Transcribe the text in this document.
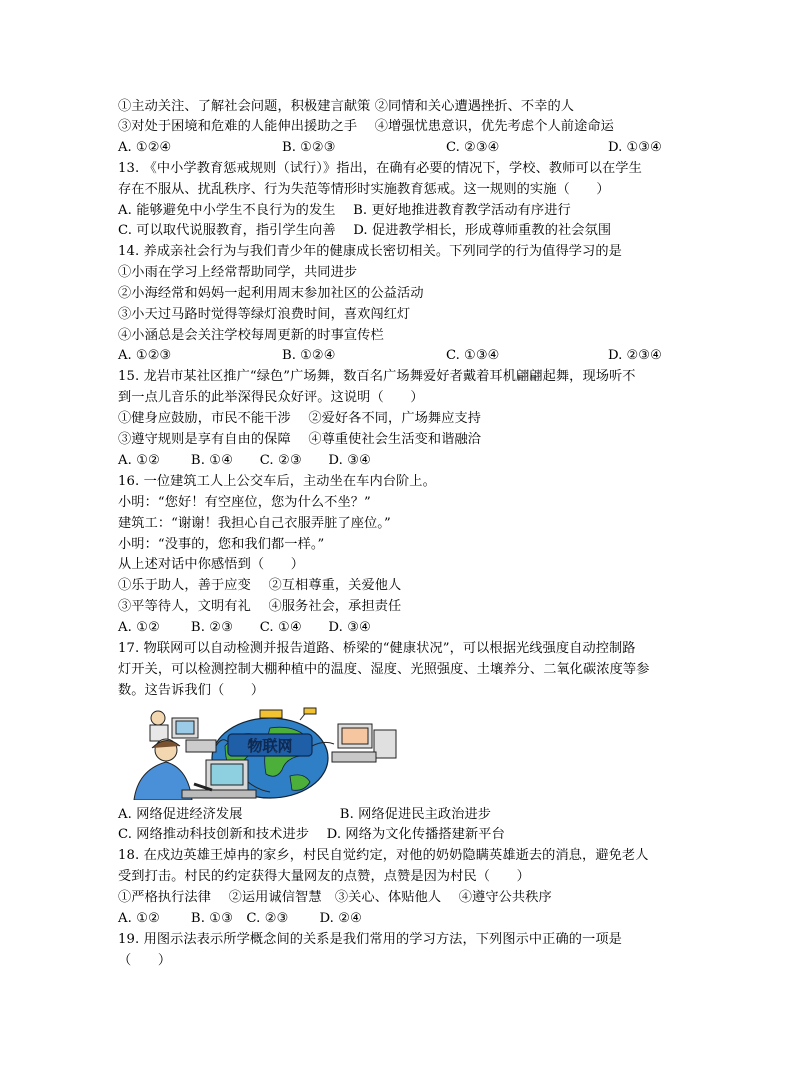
①主动关注、了解社会问题，积极建言献策 ②同情和关心遭遇挫折、不幸的人
③对处于困境和危难的人能伸出援助之手　 ④增强忧患意识，优先考虑个人前途命运
A. ①②④	B. ①②③	C. ②③④	D. ①③④
13. 《中小学教育惩戒规则（试行）》指出，在确有必要的情况下，学校、教师可以在学生
存在不服从、扰乱秩序、行为失范等情形时实施教育惩戒。这一规则的实施（　　）
A. 能够避免中小学生不良行为的发生　 B. 更好地推进教育教学活动有序进行
C. 可以取代说服教育，指引学生向善　 D. 促进教学相长，形成尊师重教的社会氛围
14. 养成亲社会行为与我们青少年的健康成长密切相关。下列同学的行为值得学习的是
①小雨在学习上经常帮助同学，共同进步
②小海经常和妈妈一起利用周末参加社区的公益活动
③小天过马路时觉得等绿灯浪费时间，喜欢闯红灯
④小涵总是会关注学校每周更新的时事宣传栏
A. ①②③	B. ①②④	C. ①③④	D. ②③④
15. 龙岩市某社区推广“绿色”广场舞，数百名广场舞爱好者戴着耳机翩翩起舞，现场听不
到一点儿音乐的此举深得民众好评。这说明（　　）
①健身应鼓励，市民不能干涉　 ②爱好各不同，广场舞应支持
③遵守规则是享有自由的保障　 ④尊重使社会生活变和谐融洽
A. ①②　　 B. ①④　　C. ②③　　D. ③④
16. 一位建筑工人上公交车后，主动坐在车内台阶上。
小明：“您好！有空座位，您为什么不坐？”
建筑工：“谢谢！我担心自己衣服弄脏了座位。”
小明：“没事的，您和我们都一样。”
从上述对话中你感悟到（　　）
①乐于助人，善于应变　 ②互相尊重，关爱他人
③平等待人，文明有礼　 ④服务社会，承担责任
A. ①②　　 B. ②③　　C. ①④　　D. ③④
17. 物联网可以自动检测并报告道路、桥梁的“健康状况”，可以根据光线强度自动控制路
灯开关，可以检测控制大棚种植中的温度、湿度、光照强度、土壤养分、二氧化碳浓度等参
数。这告诉我们（　　）
物联网
A. 网络促进经济发展　　　　　　　 B. 网络促进民主政治进步
C. 网络推动科技创新和技术进步　 D. 网络为文化传播搭建新平台
18. 在戍边英雄王焯冉的家乡，村民自觉约定，对他的奶奶隐瞒英雄逝去的消息，避免老人
受到打击。村民的约定获得大量网友的点赞，点赞是因为村民（　　）
①严格执行法律　 ②运用诚信智慧　③关心、体贴他人　 ④遵守公共秩序
A. ①②　　 B. ①③　C. ②③　　 D. ②④
19. 用图示法表示所学概念间的关系是我们常用的学习方法，下列图示中正确的一项是
（　　）
